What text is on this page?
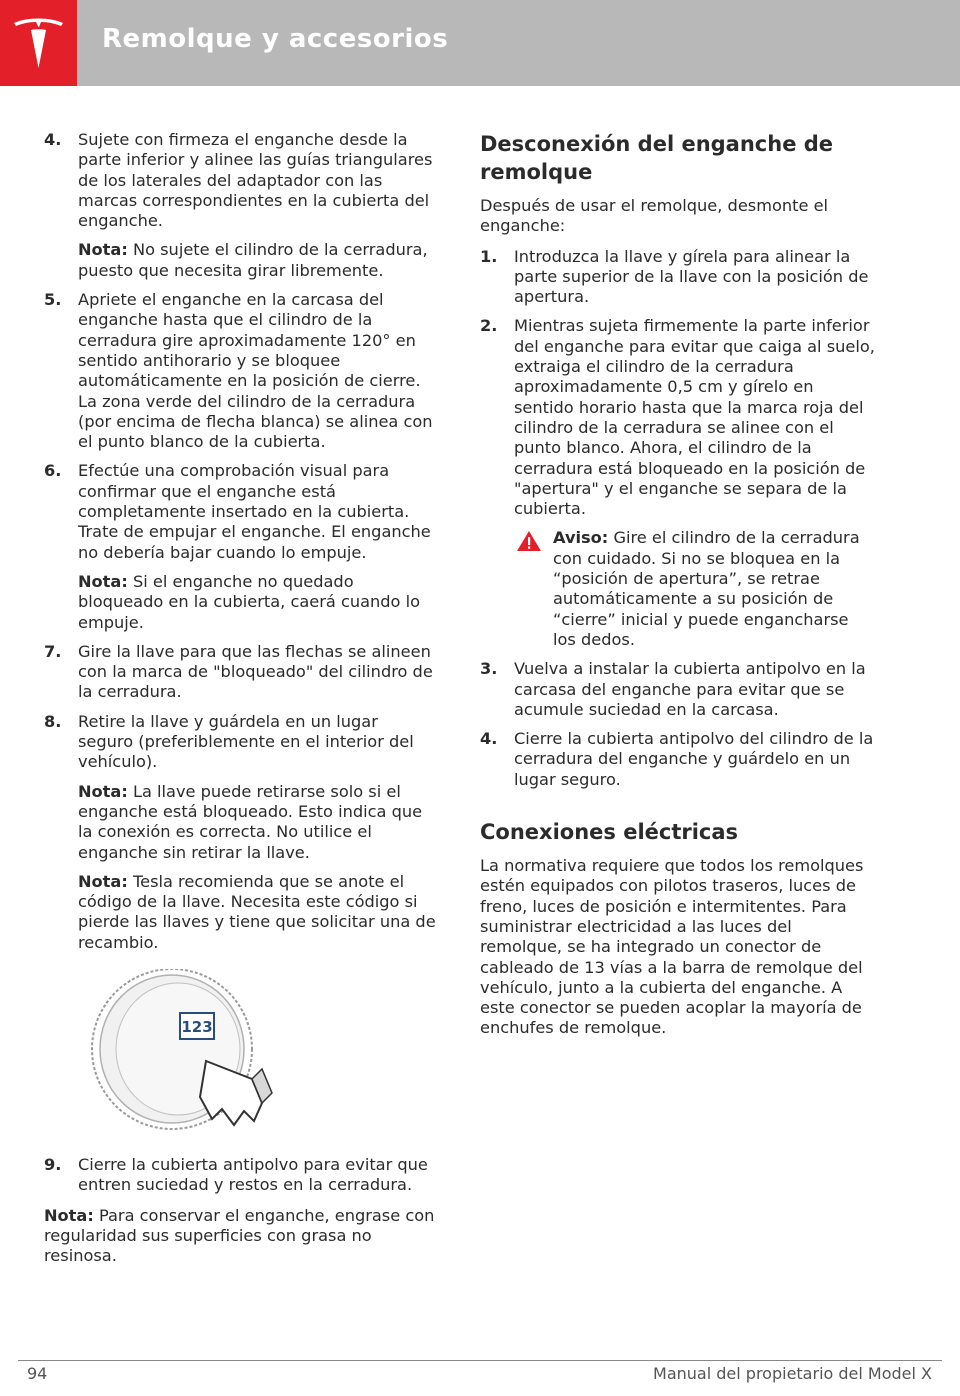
Remolque y accesorios
4. Sujete con firmeza el enganche desde la parte inferior y alinee las guías triangulares de los laterales del adaptador con las marcas correspondientes en la cubierta del enganche.
Nota: No sujete el cilindro de la cerradura, puesto que necesita girar libremente.
5. Apriete el enganche en la carcasa del enganche hasta que el cilindro de la cerradura gire aproximadamente 120° en sentido antihorario y se bloquee automáticamente en la posición de cierre. La zona verde del cilindro de la cerradura (por encima de flecha blanca) se alinea con el punto blanco de la cubierta.
6. Efectúe una comprobación visual para confirmar que el enganche está completamente insertado en la cubierta. Trate de empujar el enganche. El enganche no debería bajar cuando lo empuje.
Nota: Si el enganche no quedado bloqueado en la cubierta, caerá cuando lo empuje.
7. Gire la llave para que las flechas se alineen con la marca de "bloqueado" del cilindro de la cerradura.
8. Retire la llave y guárdela en un lugar seguro (preferiblemente en el interior del vehículo).
Nota: La llave puede retirarse solo si el enganche está bloqueado. Esto indica que la conexión es correcta. No utilice el enganche sin retirar la llave.
Nota: Tesla recomienda que se anote el código de la llave. Necesita este código si pierde las llaves y tiene que solicitar una de recambio.
123
9. Cierre la cubierta antipolvo para evitar que entren suciedad y restos en la cerradura.
Nota: Para conservar el enganche, engrase con regularidad sus superficies con grasa no resinosa.
Desconexión del enganche de remolque
Después de usar el remolque, desmonte el enganche:
1. Introduzca la llave y gírela para alinear la parte superior de la llave con la posición de apertura.
2. Mientras sujeta firmemente la parte inferior del enganche para evitar que caiga al suelo, extraiga el cilindro de la cerradura aproximadamente 0,5 cm y gírelo en sentido horario hasta que la marca roja del cilindro de la cerradura se alinee con el punto blanco. Ahora, el cilindro de la cerradura está bloqueado en la posición de "apertura" y el enganche se separa de la cubierta.
Aviso: Gire el cilindro de la cerradura con cuidado. Si no se bloquea en la “posición de apertura”, se retrae automáticamente a su posición de “cierre” inicial y puede engancharse los dedos.
3. Vuelva a instalar la cubierta antipolvo en la carcasa del enganche para evitar que se acumule suciedad en la carcasa.
4. Cierre la cubierta antipolvo del cilindro de la cerradura del enganche y guárdelo en un lugar seguro.
Conexiones eléctricas
La normativa requiere que todos los remolques estén equipados con pilotos traseros, luces de freno, luces de posición e intermitentes. Para suministrar electricidad a las luces del remolque, se ha integrado un conector de cableado de 13 vías a la barra de remolque del vehículo, junto a la cubierta del enganche. A este conector se pueden acoplar la mayoría de enchufes de remolque.
94	Manual del propietario del Model X
